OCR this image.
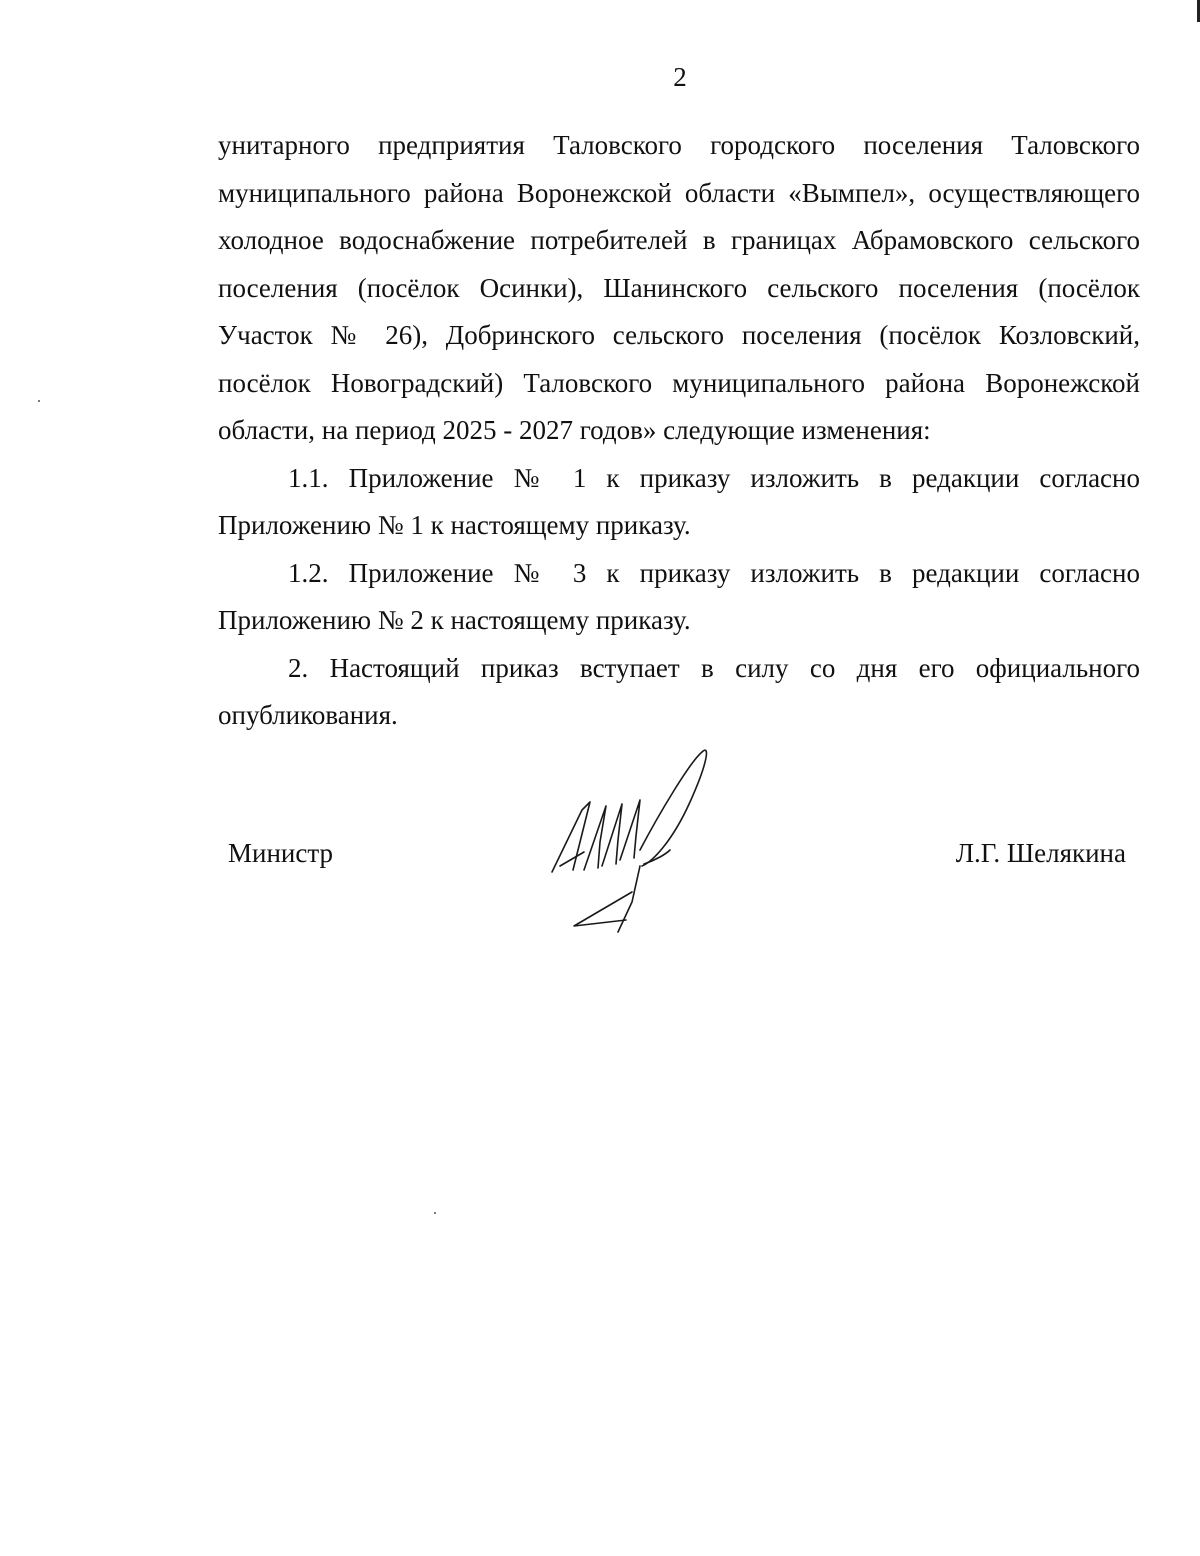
2

унитарного предприятия Таловского городского поселения Таловского муниципального района Воронежской области «Вымпел», осуществляющего холодное водоснабжение потребителей в границах Абрамовского сельского поселения (посёлок Осинки), Шанинского сельского поселения (посёлок Участок № 26), Добринского сельского поселения (посёлок Козловский, посёлок Новоградский) Таловского муниципального района Воронежской области, на период 2025 - 2027 годов» следующие изменения:

1.1. Приложение № 1 к приказу изложить в редакции согласно Приложению № 1 к настоящему приказу.

1.2. Приложение № 3 к приказу изложить в редакции согласно Приложению № 2 к настоящему приказу.

2. Настоящий приказ вступает в силу со дня его официального опубликования.

Министр	Л.Г. Шелякина
